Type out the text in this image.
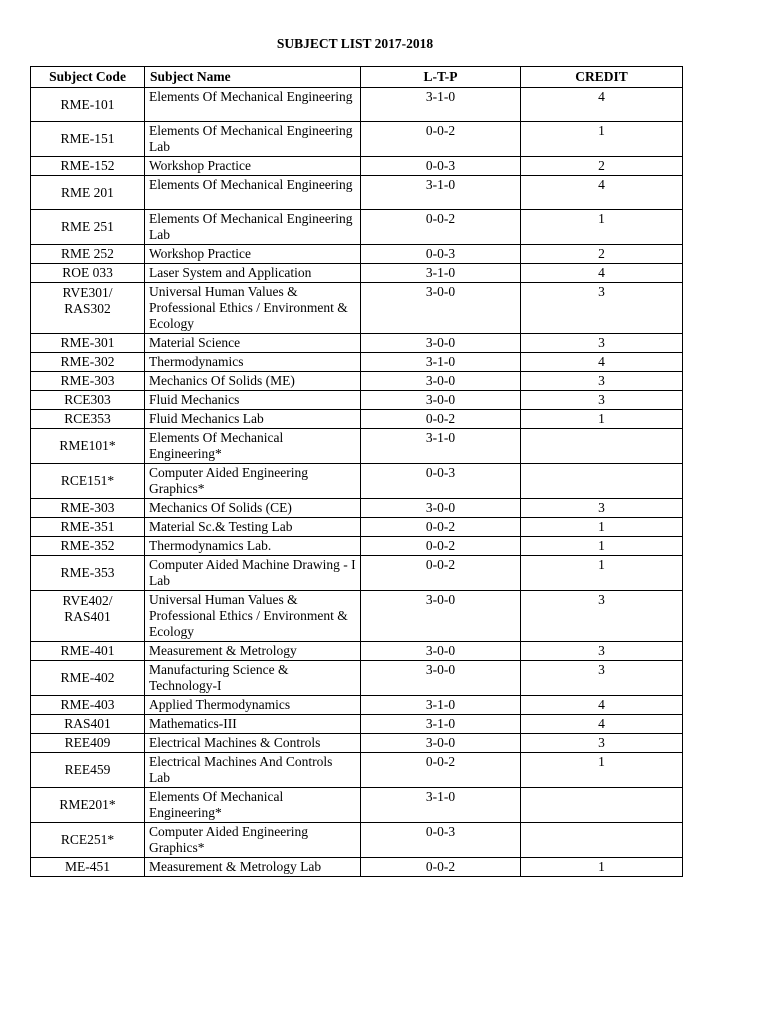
SUBJECT LIST 2017-2018
Subject Code	Subject Name	L-T-P	CREDIT
RME-101	Elements Of Mechanical Engineering	3-1-0	4
RME-151	Elements Of Mechanical Engineering Lab	0-0-2	1
RME-152	Workshop Practice	0-0-3	2
RME 201	Elements Of Mechanical Engineering	3-1-0	4
RME 251	Elements Of Mechanical Engineering Lab	0-0-2	1
RME 252	Workshop Practice	0-0-3	2
ROE 033	Laser System and Application	3-1-0	4
RVE301/
RAS302	Universal Human Values & Professional Ethics / Environment & Ecology	3-0-0	3
RME-301	Material Science	3-0-0	3
RME-302	Thermodynamics	3-1-0	4
RME-303	Mechanics Of Solids (ME)	3-0-0	3
RCE303	Fluid Mechanics	3-0-0	3
RCE353	Fluid Mechanics Lab	0-0-2	1
RME101*	Elements Of Mechanical Engineering*	3-1-0	
RCE151*	Computer Aided Engineering Graphics*	0-0-3	
RME-303	Mechanics Of Solids (CE)	3-0-0	3
RME-351	Material Sc.& Testing Lab	0-0-2	1
RME-352	Thermodynamics Lab.	0-0-2	1
RME-353	Computer Aided Machine Drawing - I Lab	0-0-2	1
RVE402/
RAS401	Universal Human Values & Professional Ethics / Environment & Ecology	3-0-0	3
RME-401	Measurement & Metrology	3-0-0	3
RME-402	Manufacturing Science & Technology-I	3-0-0	3
RME-403	Applied Thermodynamics	3-1-0	4
RAS401	Mathematics-III	3-1-0	4
REE409	Electrical Machines & Controls	3-0-0	3
REE459	Electrical Machines And Controls Lab	0-0-2	1
RME201*	Elements Of Mechanical Engineering*	3-1-0	
RCE251*	Computer Aided Engineering Graphics*	0-0-3	
ME-451	Measurement & Metrology Lab	0-0-2	1
